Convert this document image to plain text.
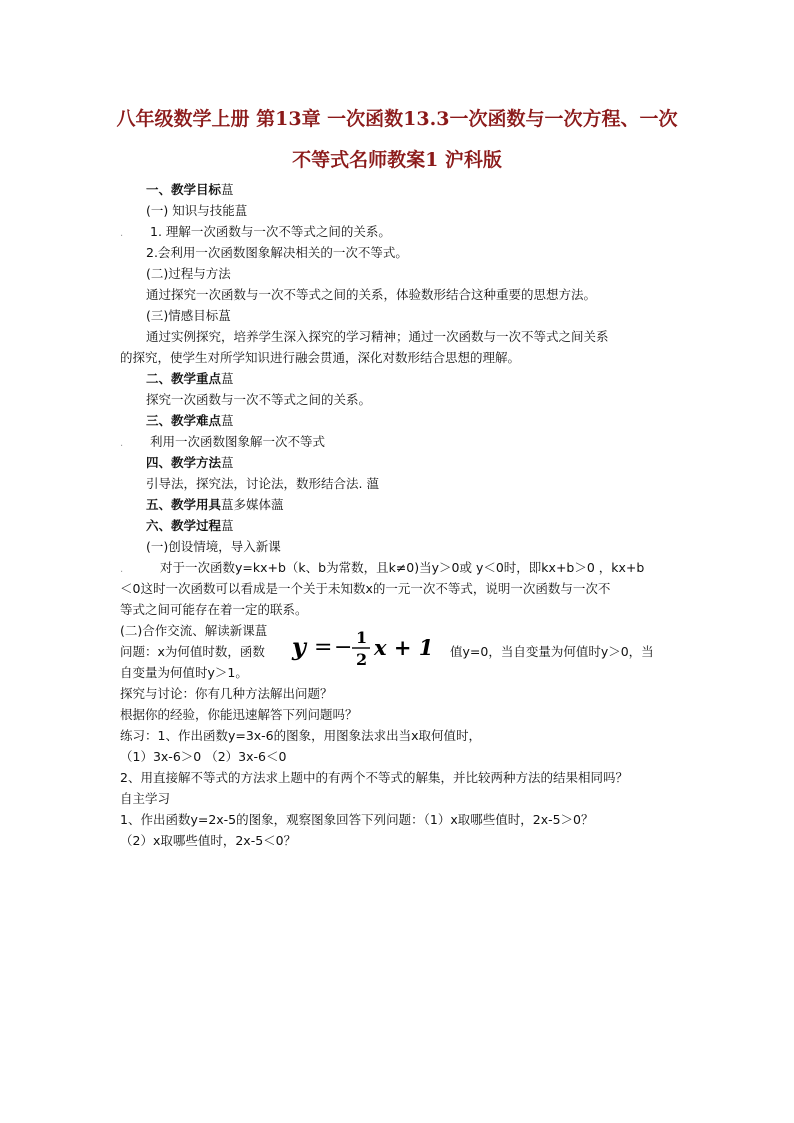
八年级数学上册 第13章 一次函数13.3一次函数与一次方程、一次
不等式名师教案1 沪科版
一、教学目标蒀
(一) 知识与技能蒀
. 1. 理解一次函数与一次不等式之间的关系。
2.会利用一次函数图象解决相关的一次不等式。
(二)过程与方法
通过探究一次函数与一次不等式之间的关系，体验数形结合这种重要的思想方法。
(三)情感目标蒀
通过实例探究，培养学生深入探究的学习精神；通过一次函数与一次不等式之间关系
的探究，使学生对所学知识进行融会贯通，深化对数形结合思想的理解。
二、教学重点蒀
探究一次函数与一次不等式之间的关系。
三、教学难点蒀
. 利用一次函数图象解一次不等式
四、教学方法蒀
引导法，探究法，讨论法，数形结合法. 薀
五、教学用具蒀多媒体薀
六、教学过程蒀
(一)创设情境，导入新课
.	对于一次函数y=kx+b（k、b为常数，且k≠0)当y＞0或 y＜0时，即kx+b＞0 ，kx+b
＜0这时一次函数可以看成是一个关于未知数x的一元一次不等式，说明一次函数与一次不
等式之间可能存在着一定的联系。
(二)合作交流、解读新课蒀
问题：x为何值时数，函数 y = − 1
2 x + 1 值y=0，当自变量为何值时y＞0，当
自变量为何值时y＞1。
探究与讨论：你有几种方法解出问题？
根据你的经验，你能迅速解答下列问题吗？
练习：1、作出函数y=3x-6的图象，用图象法求出当x取何值时，
（1）3x-6＞0 （2）3x-6＜0
2、用直接解不等式的方法求上题中的有两个不等式的解集，并比较两种方法的结果相同吗？
自主学习
1、作出函数y=2x-5的图象，观察图象回答下列问题：（1）x取哪些值时，2x-5＞0？
（2）x取哪些值时，2x-5＜0？
